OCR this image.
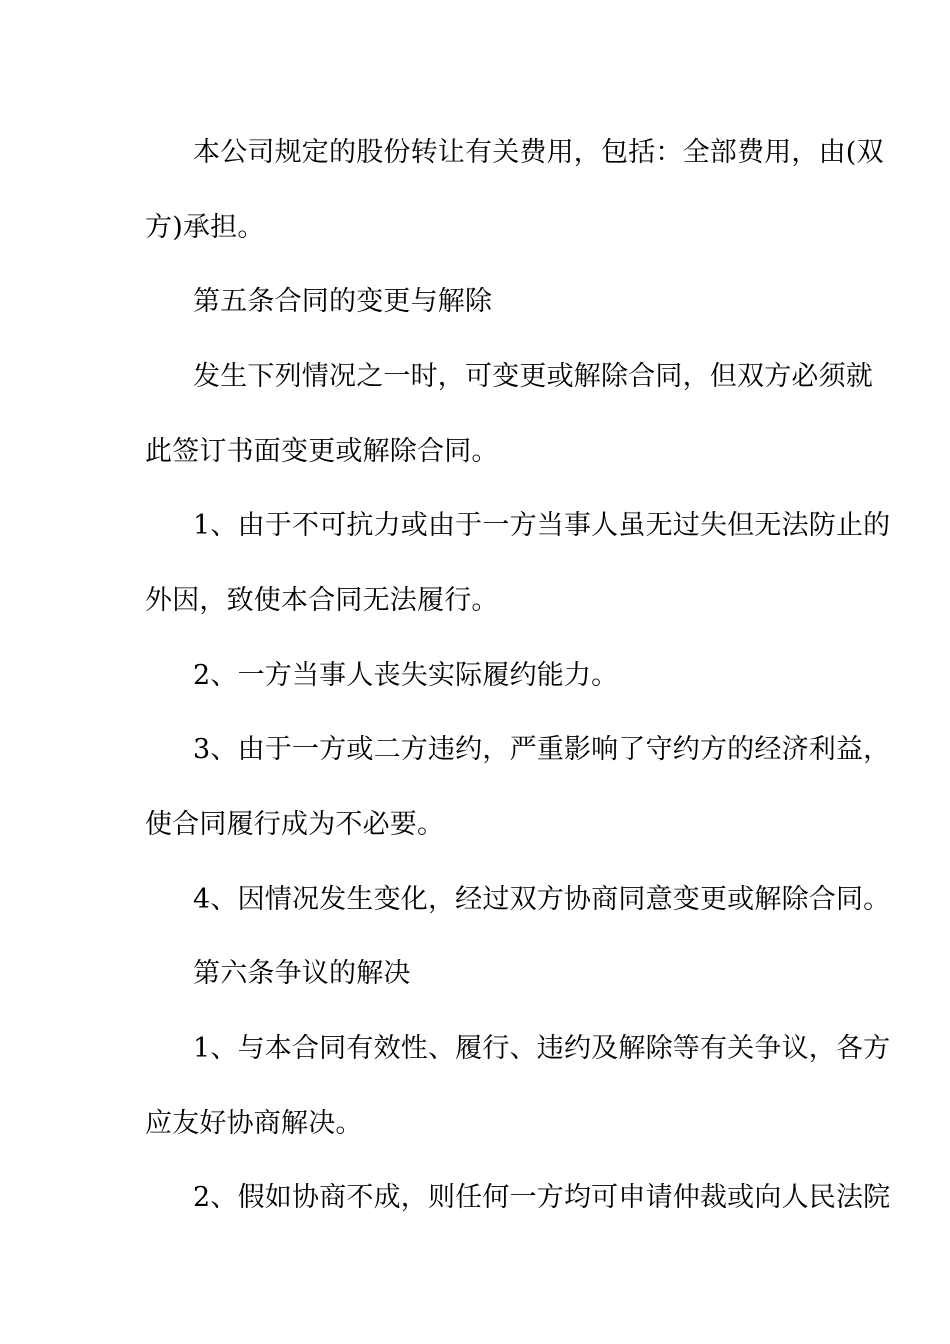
本公司规定的股份转让有关费用，包括：全部费用，由(双
方)承担。
第五条合同的变更与解除
发生下列情况之一时，可变更或解除合同，但双方必须就
此签订书面变更或解除合同。
1、由于不可抗力或由于一方当事人虽无过失但无法防止的
外因，致使本合同无法履行。
2、一方当事人丧失实际履约能力。
3、由于一方或二方违约，严重影响了守约方的经济利益，
使合同履行成为不必要。
4、因情况发生变化，经过双方协商同意变更或解除合同。
第六条争议的解决
1、与本合同有效性、履行、违约及解除等有关争议，各方
应友好协商解决。
2、假如协商不成，则任何一方均可申请仲裁或向人民法院
